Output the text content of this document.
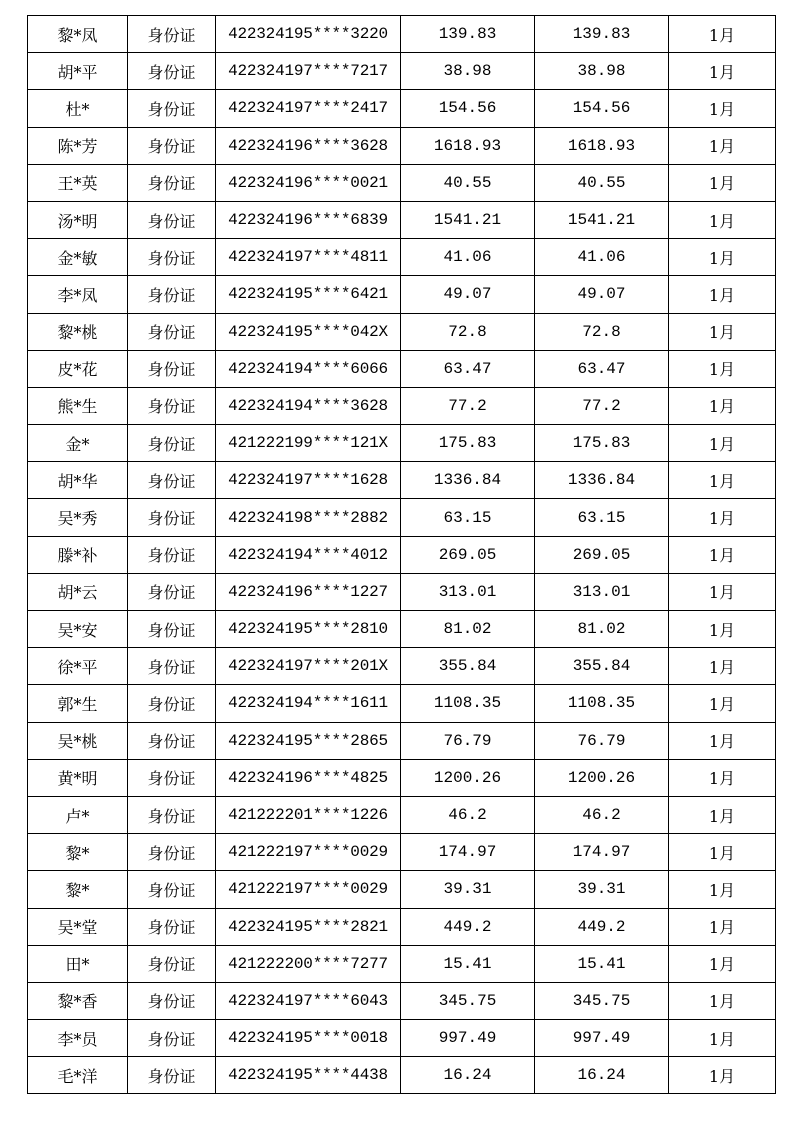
黎*凤	身份证	422324195****3220	139.83	139.83	1月
胡*平	身份证	422324197****7217	38.98	38.98	1月
杜*	身份证	422324197****2417	154.56	154.56	1月
陈*芳	身份证	422324196****3628	1618.93	1618.93	1月
王*英	身份证	422324196****0021	40.55	40.55	1月
汤*明	身份证	422324196****6839	1541.21	1541.21	1月
金*敏	身份证	422324197****4811	41.06	41.06	1月
李*凤	身份证	422324195****6421	49.07	49.07	1月
黎*桃	身份证	422324195****042X	72.8	72.8	1月
皮*花	身份证	422324194****6066	63.47	63.47	1月
熊*生	身份证	422324194****3628	77.2	77.2	1月
金*	身份证	421222199****121X	175.83	175.83	1月
胡*华	身份证	422324197****1628	1336.84	1336.84	1月
吴*秀	身份证	422324198****2882	63.15	63.15	1月
滕*补	身份证	422324194****4012	269.05	269.05	1月
胡*云	身份证	422324196****1227	313.01	313.01	1月
吴*安	身份证	422324195****2810	81.02	81.02	1月
徐*平	身份证	422324197****201X	355.84	355.84	1月
郭*生	身份证	422324194****1611	1108.35	1108.35	1月
吴*桃	身份证	422324195****2865	76.79	76.79	1月
黄*明	身份证	422324196****4825	1200.26	1200.26	1月
卢*	身份证	421222201****1226	46.2	46.2	1月
黎*	身份证	421222197****0029	174.97	174.97	1月
黎*	身份证	421222197****0029	39.31	39.31	1月
吴*堂	身份证	422324195****2821	449.2	449.2	1月
田*	身份证	421222200****7277	15.41	15.41	1月
黎*香	身份证	422324197****6043	345.75	345.75	1月
李*员	身份证	422324195****0018	997.49	997.49	1月
毛*洋	身份证	422324195****4438	16.24	16.24	1月
